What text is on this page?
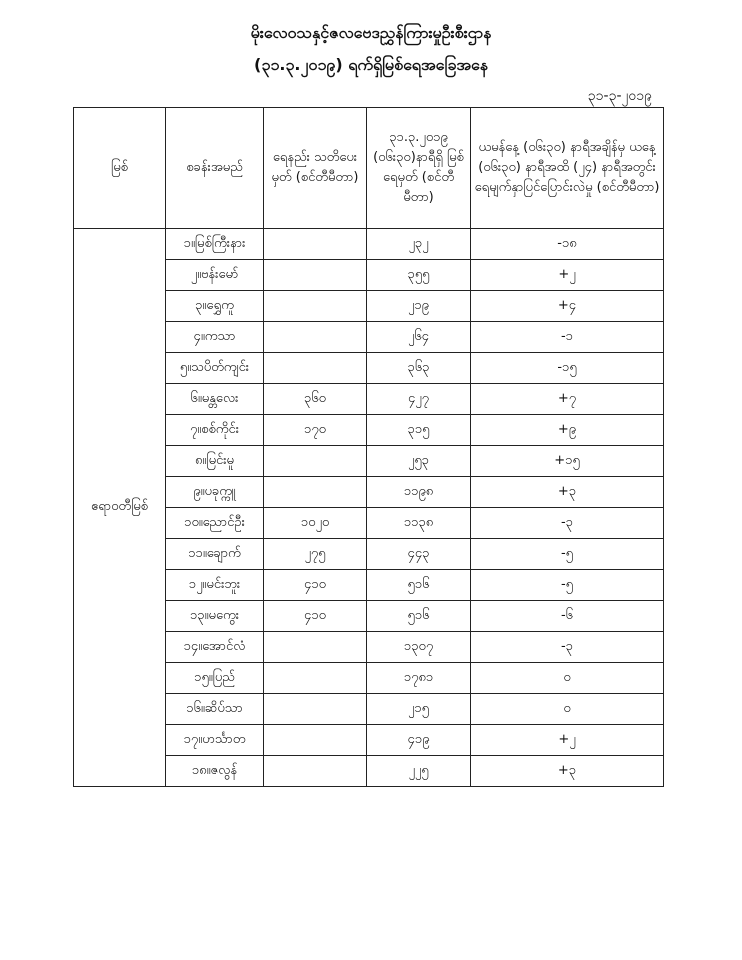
မိုးလေဝသနှင့်ဇလဗေဒညွှန်ကြားမှုဦးစီးဌာန
(၃၁.၃.၂၀၁၉) ရက်ရှိမြစ်ရေအခြေအနေ
၃၁-၃-၂၀၁၉
မြစ်	စခန်းအမည်	ရေနည်း သတိပေးမှတ် (စင်တီမီတာ)	၃၁.၃.၂၀၁၉ (၀၆း၃၀)နာရီရှိ မြစ်ရေမှတ် (စင်တီမီတာ)	ယမန်နေ့ (၀၆း၃၀) နာရီအချိန်မှ ယနေ့ (၀၆း၃၀) နာရီအထိ (၂၄) နာရီအတွင်း ရေမျက်နှာပြင်ပြောင်းလဲမှု (စင်တီမီတာ)
ဧရာဝတီမြစ်	၁။မြစ်ကြီးနား		၂၃၂	-၁၈
	၂။ဗန်းမော်		၃၅၅	+၂
	၃။ရွှေကူ		၂၁၉	+၄
	၄။ကသာ		၂၆၄	-၁
	၅။သပိတ်ကျင်း		၃၆၃	-၁၅
	၆။မန္တလေး	၃၆၀	၄၂၇	+၇
	၇။စစ်ကိုင်း	၁၇၀	၃၁၅	+၉
	၈။မြင်းမူ		၂၅၃	+၁၅
	၉။ပခုက္ကူ		၁၁၉၈	+၃
	၁၀။ညောင်ဦး	၁၀၂၀	၁၁၃၈	-၃
	၁၁။ချောက်	၂၇၅	၄၄၃	-၅
	၁၂။မင်းဘူး	၄၁၀	၅၁၆	-၅
	၁၃။မကွေး	၄၁၀	၅၁၆	-၆
	၁၄။အောင်လံ		၁၃၀၇	-၃
	၁၅။ပြည်		၁၇၈၁	၀
	၁၆။ဆိပ်သာ		၂၁၅	၀
	၁၇။ဟင်္သာတ		၄၁၉	+၂
	၁၈။ဇလွန်		၂၂၅	+၃
